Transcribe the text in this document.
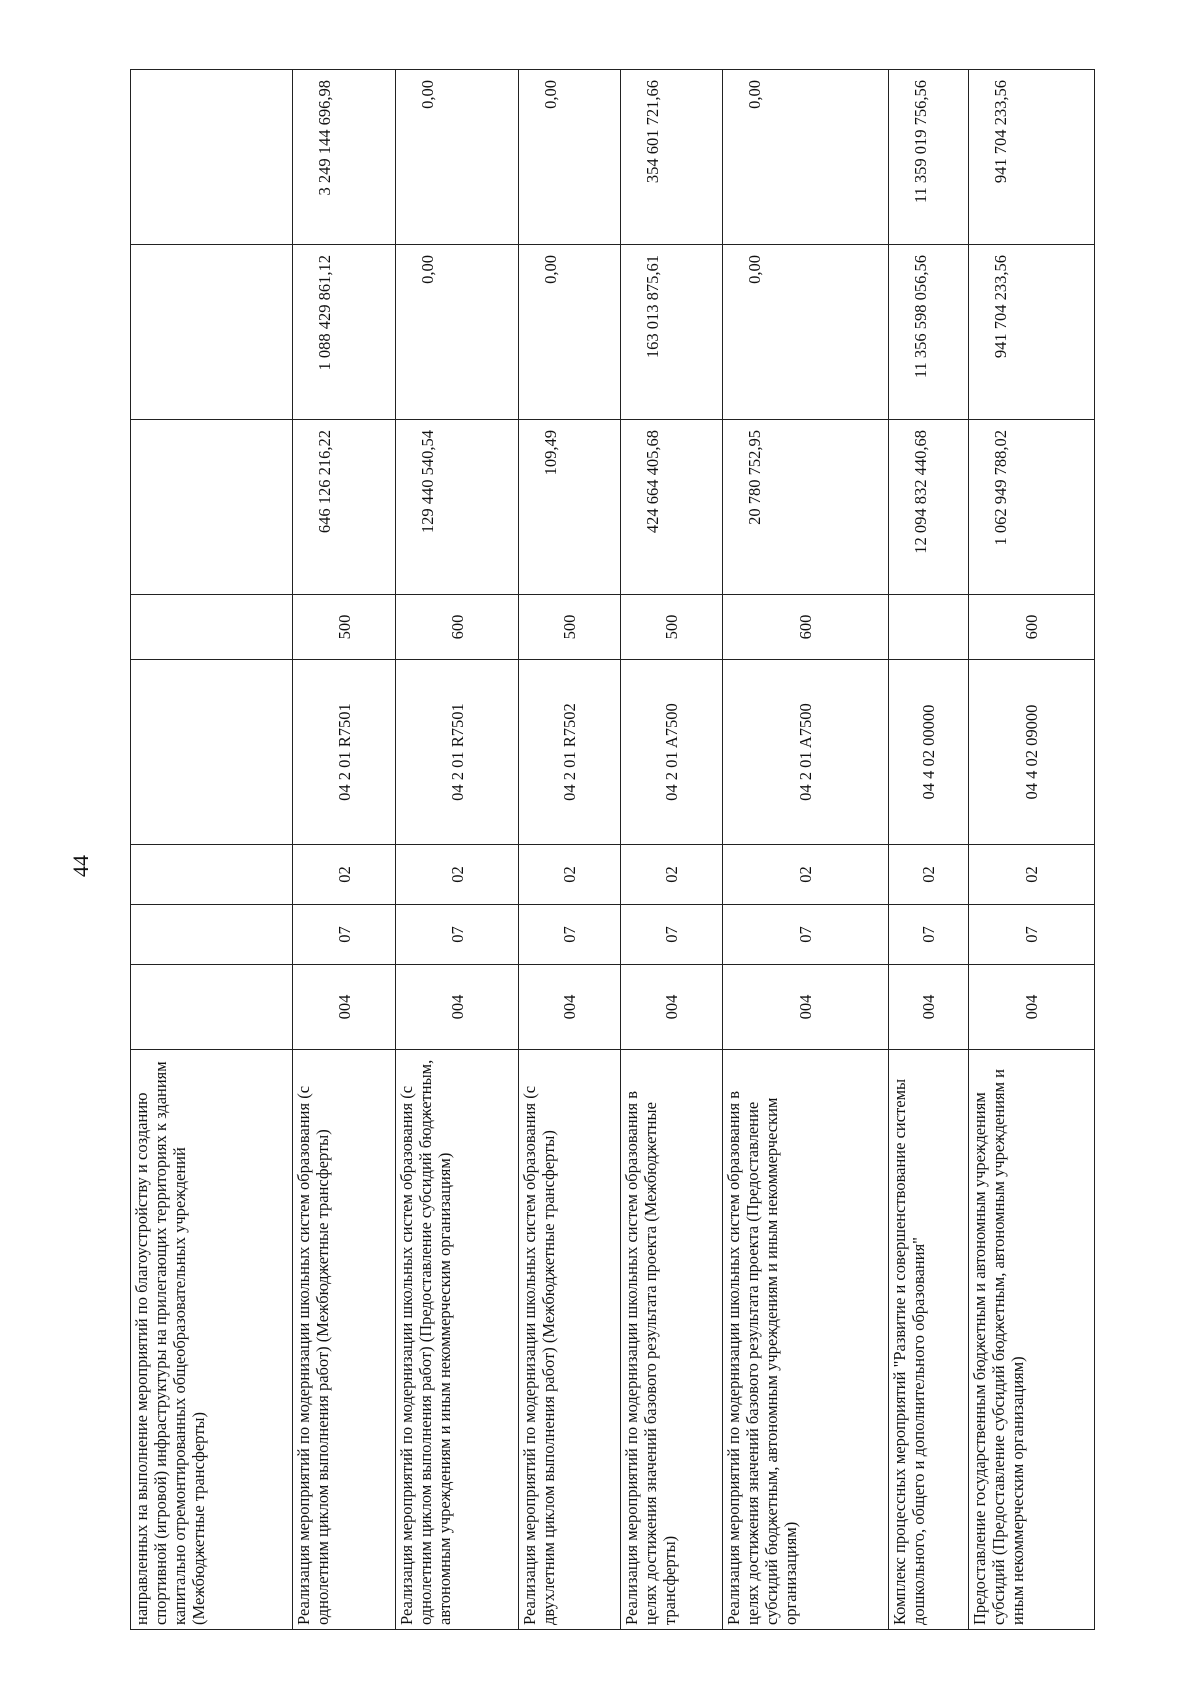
44
направленных на выполнение мероприятий по благоустройству и созданию спортивной (игровой) инфраструктуры на прилегающих территориях к зданиям капитально отремонтированных общеобразовательных учреждений (Межбюджетные трансферты)								
Реализация мероприятий по модернизации школьных систем образования (с однолетним циклом выполнения работ) (Межбюджетные трансферты)	004	07	02	04 2 01 R7501	500	646 126 216,22	1 088 429 861,12	3 249 144 696,98
Реализация мероприятий по модернизации школьных систем образования (с однолетним циклом выполнения работ) (Предоставление субсидий бюджетным, автономным учреждениям и иным некоммерческим организациям)	004	07	02	04 2 01 R7501	600	129 440 540,54	0,00	0,00
Реализация мероприятий по модернизации школьных систем образования (с двухлетним циклом выполнения работ) (Межбюджетные трансферты)	004	07	02	04 2 01 R7502	500	109,49	0,00	0,00
Реализация мероприятий по модернизации школьных систем образования в целях достижения значений базового результата проекта (Межбюджетные трансферты)	004	07	02	04 2 01 A7500	500	424 664 405,68	163 013 875,61	354 601 721,66
Реализация мероприятий по модернизации школьных систем образования в целях достижения значений базового результата проекта (Предоставление субсидий бюджетным, автономным учреждениям и иным некоммерческим организациям)	004	07	02	04 2 01 A7500	600	20 780 752,95	0,00	0,00
Комплекс процессных мероприятий "Развитие и совершенствование системы дошкольного, общего и дополнительного образования"	004	07	02	04 4 02 00000		12 094 832 440,68	11 356 598 056,56	11 359 019 756,56
Предоставление государственным бюджетным и автономным учреждениям субсидий (Предоставление субсидий бюджетным, автономным учреждениям и иным некоммерческим организациям)	004	07	02	04 4 02 09000	600	1 062 949 788,02	941 704 233,56	941 704 233,56
